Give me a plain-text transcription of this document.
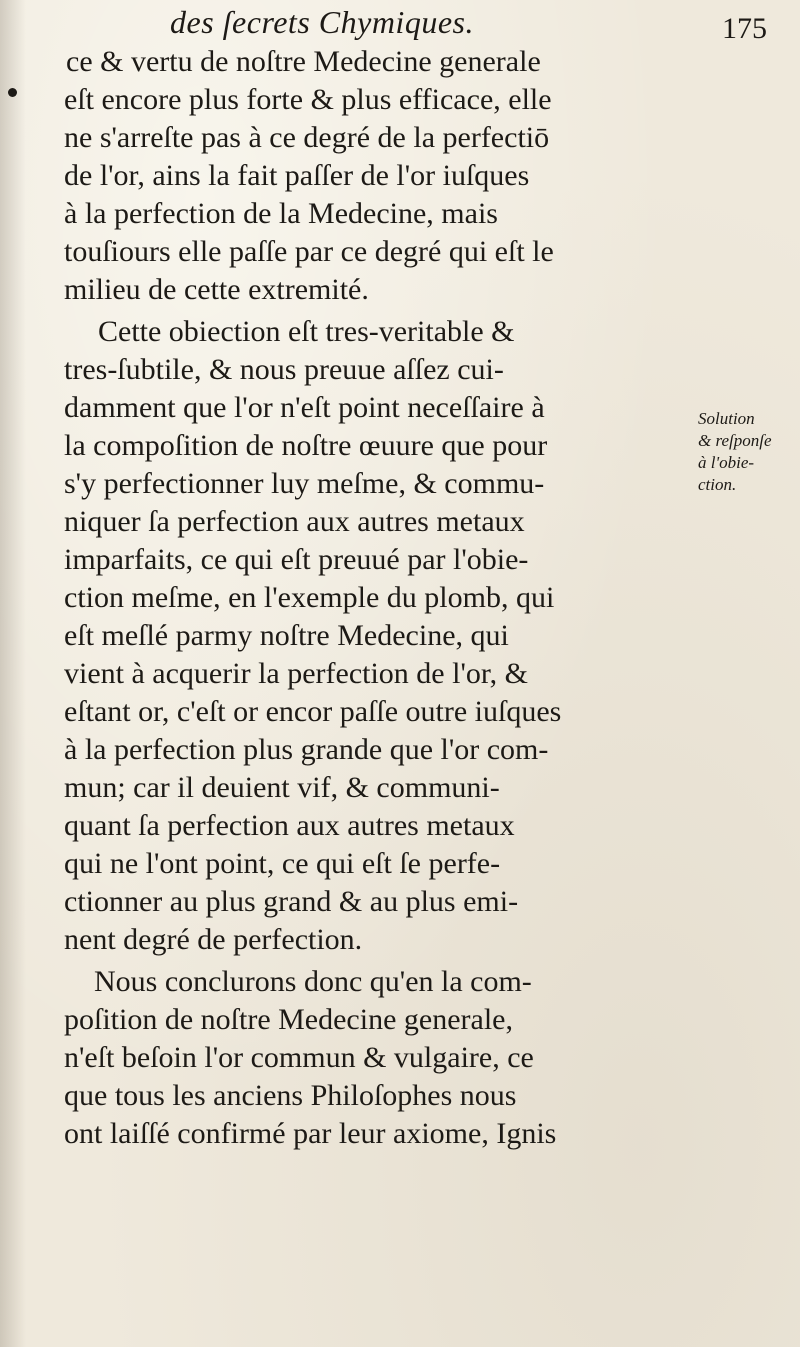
des ſecrets Chymiques.	175
ce & vertu de noſtre Medecine generale
eſt encore plus forte & plus efficace, elle
ne s'arreſte pas à ce degré de la perfectiō
de l'or, ains la fait paſſer de l'or iuſques
à la perfection de la Medecine, mais
touſiours elle paſſe par ce degré qui eſt le
milieu de cette extremité.
Cette obiection eſt tres-veritable &
tres-ſubtile, & nous preuue aſſez cui-
damment que l'or n'eſt point neceſſaire à
la compoſition de noſtre œuure que pour
s'y perfectionner luy meſme, & commu-
niquer ſa perfection aux autres metaux
imparfaits, ce qui eſt preuué par l'obie-
ction meſme, en l'exemple du plomb, qui
eſt meſlé parmy noſtre Medecine, qui
vient à acquerir la perfection de l'or, &
eſtant or, c'eſt or encor paſſe outre iuſques
à la perfection plus grande que l'or com-
mun; car il deuient vif, & communi-
quant ſa perfection aux autres metaux
qui ne l'ont point, ce qui eſt ſe perfe-
ctionner au plus grand & au plus emi-
nent degré de perfection.
Nous conclurons donc qu'en la com-
poſition de noſtre Medecine generale,
n'eſt beſoin l'or commun & vulgaire, ce
que tous les anciens Philoſophes nous
ont laiſſé confirmé par leur axiome, Ignis
Solution
& reſponſe
à l'obie-
ction.
